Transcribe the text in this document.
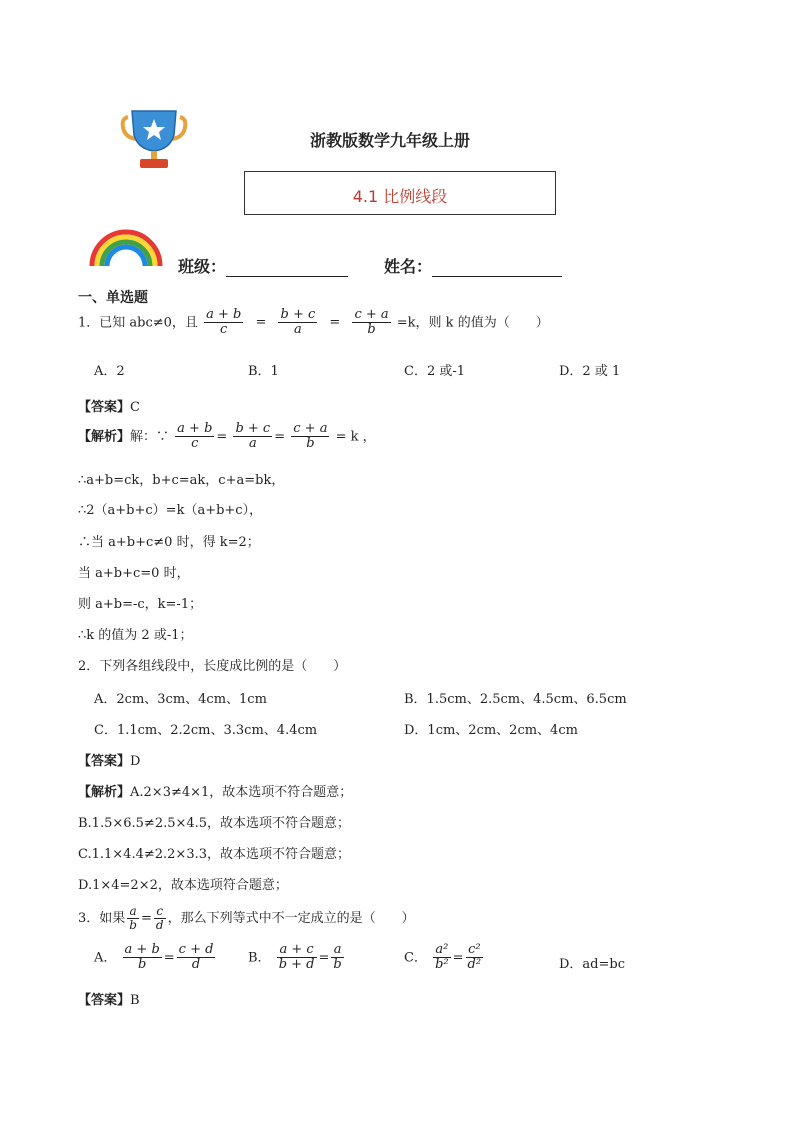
浙教版数学九年级上册
4.1 比例线段
班级：	姓名：
一、单选题
1．已知 abc≠0，且 $\frac{a + b}{c} = \frac{b + c}{a} = \frac{c + a}{b} =k$，则 k 的值为（　　）
A．2	B．1	C．2 或-1	D．2 或 1
【答案】C
【解析】解：∵ $\frac{a + b}{c} = \frac{b + c}{a} = \frac{c + a}{b} = k$ ，
∴a+b=ck，b+c=ak，c+a=bk，
∴2（a+b+c）=k（a+b+c），
∴当 a+b+c≠0 时，得 k=2；
当 a+b+c=0 时，
则 a+b=-c，k=-1；
∴k 的值为 2 或-1；
2．下列各组线段中，长度成比例的是（　　）
A．2cm、3cm、4cm、1cm	B．1.5cm、2.5cm、4.5cm、6.5cm
C．1.1cm、2.2cm、3.3cm、4.4cm	D．1cm、2cm、2cm、4cm
【答案】D
【解析】A.2×3≠4×1，故本选项不符合题意；
B.1.5×6.5≠2.5×4.5，故本选项不符合题意；
C.1.1×4.4≠2.2×3.3，故本选项不符合题意；
D.1×4=2×2，故本选项符合题意；
3．如果 $\frac{a}{b} = \frac{c}{d}$ ，那么下列等式中不一定成立的是（　　）
A． $\frac{a + b}{b} = \frac{c + d}{d}$	B． $\frac{a + c}{b + d} = \frac{a}{b}$	C． $\frac{\text{a²}}{\text{b²}} = \frac{\text{c²}}{\text{d²}}$	D．ad=bc
【答案】B
